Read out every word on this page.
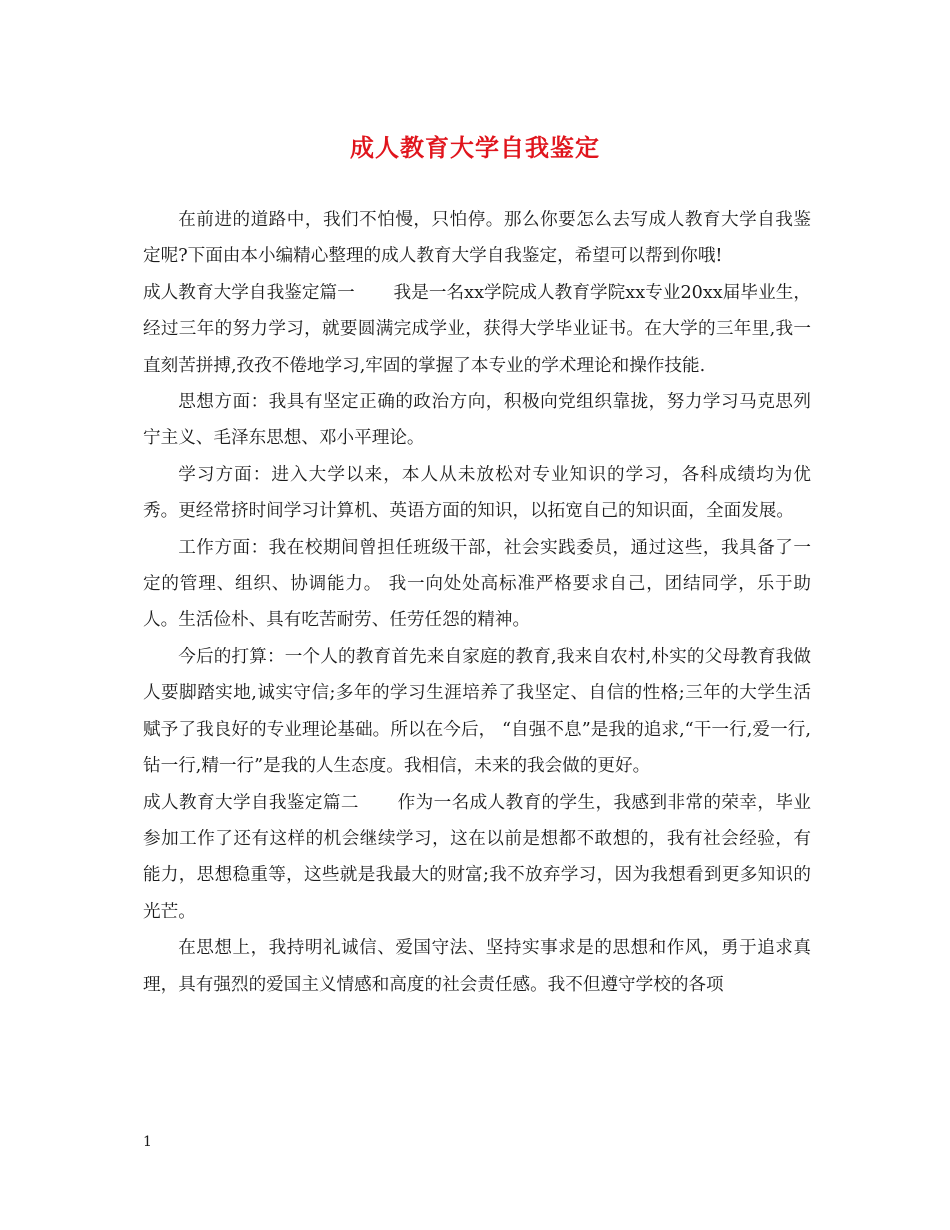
成人教育大学自我鉴定

在前进的道路中，我们不怕慢，只怕停。那么你要怎么去写成人教育大学自我鉴定呢?下面由本小编精心整理的成人教育大学自我鉴定，希望可以帮到你哦!

成人教育大学自我鉴定篇一 我是一名xx学院成人教育学院xx专业20xx届毕业生，经过三年的努力学习，就要圆满完成学业，获得大学毕业证书。在大学的三年里,我一直刻苦拼搏,孜孜不倦地学习,牢固的掌握了本专业的学术理论和操作技能.

思想方面：我具有坚定正确的政治方向，积极向党组织靠拢，努力学习马克思列宁主义、毛泽东思想、邓小平理论。

学习方面：进入大学以来，本人从未放松对专业知识的学习，各科成绩均为优秀。更经常挤时间学习计算机、英语方面的知识，以拓宽自己的知识面，全面发展。

工作方面：我在校期间曾担任班级干部，社会实践委员，通过这些，我具备了一定的管理、组织、协调能力。 我一向处处高标准严格要求自己，团结同学，乐于助人。生活俭朴、具有吃苦耐劳、任劳任怨的精神。

今后的打算：一个人的教育首先来自家庭的教育,我来自农村,朴实的父母教育我做人要脚踏实地,诚实守信;多年的学习生涯培养了我坚定、自信的性格;三年的大学生活赋予了我良好的专业理论基础。所以在今后， “自强不息”是我的追求,“干一行,爱一行, 钻一行,精一行”是我的人生态度。我相信，未来的我会做的更好。

成人教育大学自我鉴定篇二 作为一名成人教育的学生，我感到非常的荣幸，毕业参加工作了还有这样的机会继续学习，这在以前是想都不敢想的，我有社会经验，有能力，思想稳重等，这些就是我最大的财富;我不放弃学习，因为我想看到更多知识的光芒。

在思想上，我持明礼诚信、爱国守法、坚持实事求是的思想和作风，勇于追求真理，具有强烈的爱国主义情感和高度的社会责任感。我不但遵守学校的各项

1
